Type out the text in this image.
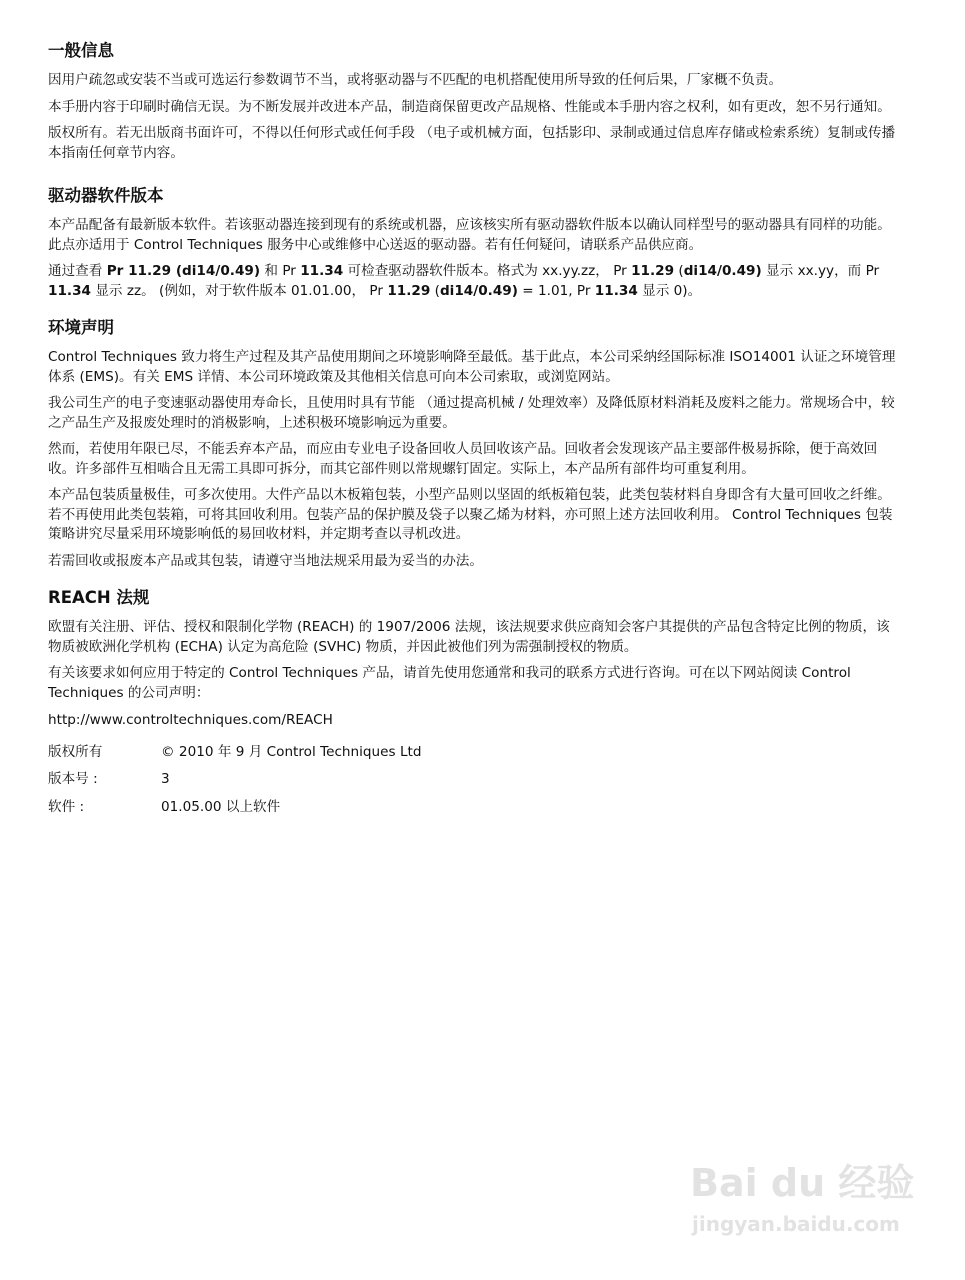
一般信息

因用户疏忽或安装不当或可选运行参数调节不当，或将驱动器与不匹配的电机搭配使用所导致的任何后果，厂家概不负责。

本手册内容于印刷时确信无误。为不断发展并改进本产品，制造商保留更改产品规格、性能或本手册内容之权利，如有更改，恕不另行通知。

版权所有。若无出版商书面许可，不得以任何形式或任何手段 （电子或机械方面，包括影印、录制或通过信息库存储或检索系统）复制或传播本指南任何章节内容。

驱动器软件版本

本产品配备有最新版本软件。若该驱动器连接到现有的系统或机器，应该核实所有驱动器软件版本以确认同样型号的驱动器具有同样的功能。此点亦适用于 Control Techniques 服务中心或维修中心送返的驱动器。若有任何疑问，请联系产品供应商。

通过查看 Pr 11.29 (di14/0.49) 和 Pr 11.34 可检查驱动器软件版本。格式为 xx.yy.zz， Pr 11.29 (di14/0.49) 显示 xx.yy，而 Pr 11.34 显示 zz。 (例如，对于软件版本 01.01.00， Pr 11.29 (di14/0.49) = 1.01, Pr 11.34 显示 0)。

环境声明

Control Techniques 致力将生产过程及其产品使用期间之环境影响降至最低。基于此点，本公司采纳经国际标准 ISO14001 认证之环境管理体系 (EMS)。有关 EMS 详情、本公司环境政策及其他相关信息可向本公司索取，或浏览网站。

我公司生产的电子变速驱动器使用寿命长，且使用时具有节能 （通过提高机械 / 处理效率）及降低原材料消耗及废料之能力。常规场合中，较之产品生产及报废处理时的消极影响，上述积极环境影响远为重要。

然而，若使用年限已尽，不能丢弃本产品，而应由专业电子设备回收人员回收该产品。回收者会发现该产品主要部件极易拆除，便于高效回收。许多部件互相啮合且无需工具即可拆分，而其它部件则以常规螺钉固定。实际上，本产品所有部件均可重复利用。

本产品包装质量极佳，可多次使用。大件产品以木板箱包装，小型产品则以坚固的纸板箱包装，此类包装材料自身即含有大量可回收之纤维。若不再使用此类包装箱，可将其回收利用。包装产品的保护膜及袋子以聚乙烯为材料，亦可照上述方法回收利用。 Control Techniques 包装策略讲究尽量采用环境影响低的易回收材料，并定期考查以寻机改进。

若需回收或报废本产品或其包装，请遵守当地法规采用最为妥当的办法。

REACH 法规

欧盟有关注册、评估、授权和限制化学物 (REACH) 的 1907/2006 法规，该法规要求供应商知会客户其提供的产品包含特定比例的物质，该物质被欧洲化学机构 (ECHA) 认定为高危险 (SVHC) 物质，并因此被他们列为需强制授权的物质。

有关该要求如何应用于特定的 Control Techniques 产品，请首先使用您通常和我司的联系方式进行咨询。可在以下网站阅读 Control Techniques 的公司声明：

http://www.controltechniques.com/REACH

版权所有	© 2010 年 9 月 Control Techniques Ltd
版本号 :	3
软件 :	01.05.00 以上软件
Bai du 经验
jingyan.baidu.com
